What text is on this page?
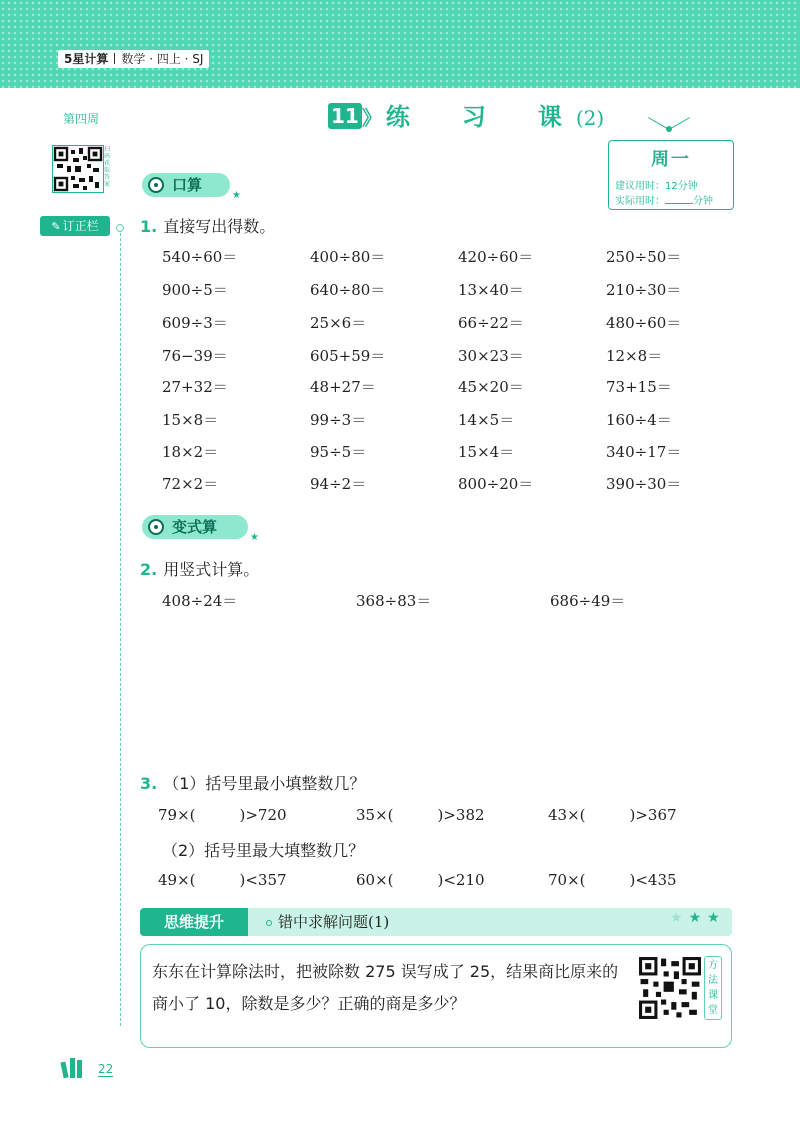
5星计算 数学 · 四上 · SJ
第四周
扫码获取答案
✎ 订正栏
11 》 练　习　课(2)
周一
建议用时：12分钟
实际用时：	分钟
口算
★
1. 直接写出得数。
540÷60＝	400÷80＝	420÷60＝	250÷50＝
900÷5＝	640÷80＝	13×40＝	210÷30＝
609÷3＝	25×6＝	66÷22＝	480÷60＝
76−39＝	605+59＝	30×23＝	12×8＝
27+32＝	48+27＝	45×20＝	73+15＝
15×8＝	99÷3＝	14×5＝	160÷4＝
18×2＝	95÷5＝	15×4＝	340÷17＝
72×2＝	94÷2＝	800÷20＝	390÷30＝
变式算
★
2. 用竖式计算。
408÷24＝	368÷83＝	686÷49＝
3. （1）括号里最小填整数几？
79×(	)>720	35×(	)>382	43×(	)>367
（2）括号里最大填整数几？
49×(	)<357	60×(	)<210	70×(	)<435
思维提升	错中求解问题(1)	★★★
东东在计算除法时，把被除数 275 误写成了 25，结果商比原来的商小了 10，除数是多少？正确的商是多少？
方法课堂
22
